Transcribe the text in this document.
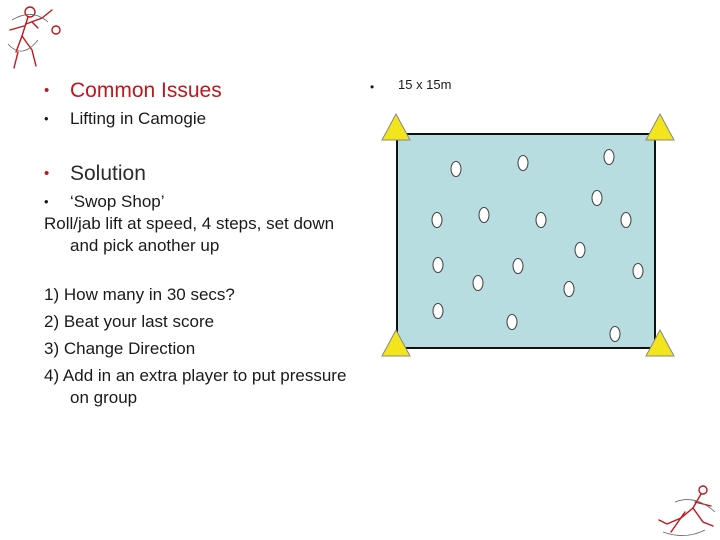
• Common Issues

• Lifting in Camogie

• Solution

• ‘Swop Shop’

Roll/jab lift at speed, 4 steps, set down and pick another up

1) How many in 30 secs?

2) Beat your last score

3) Change Direction

4) Add in an extra player to put pressure on group

• 15 x 15m
